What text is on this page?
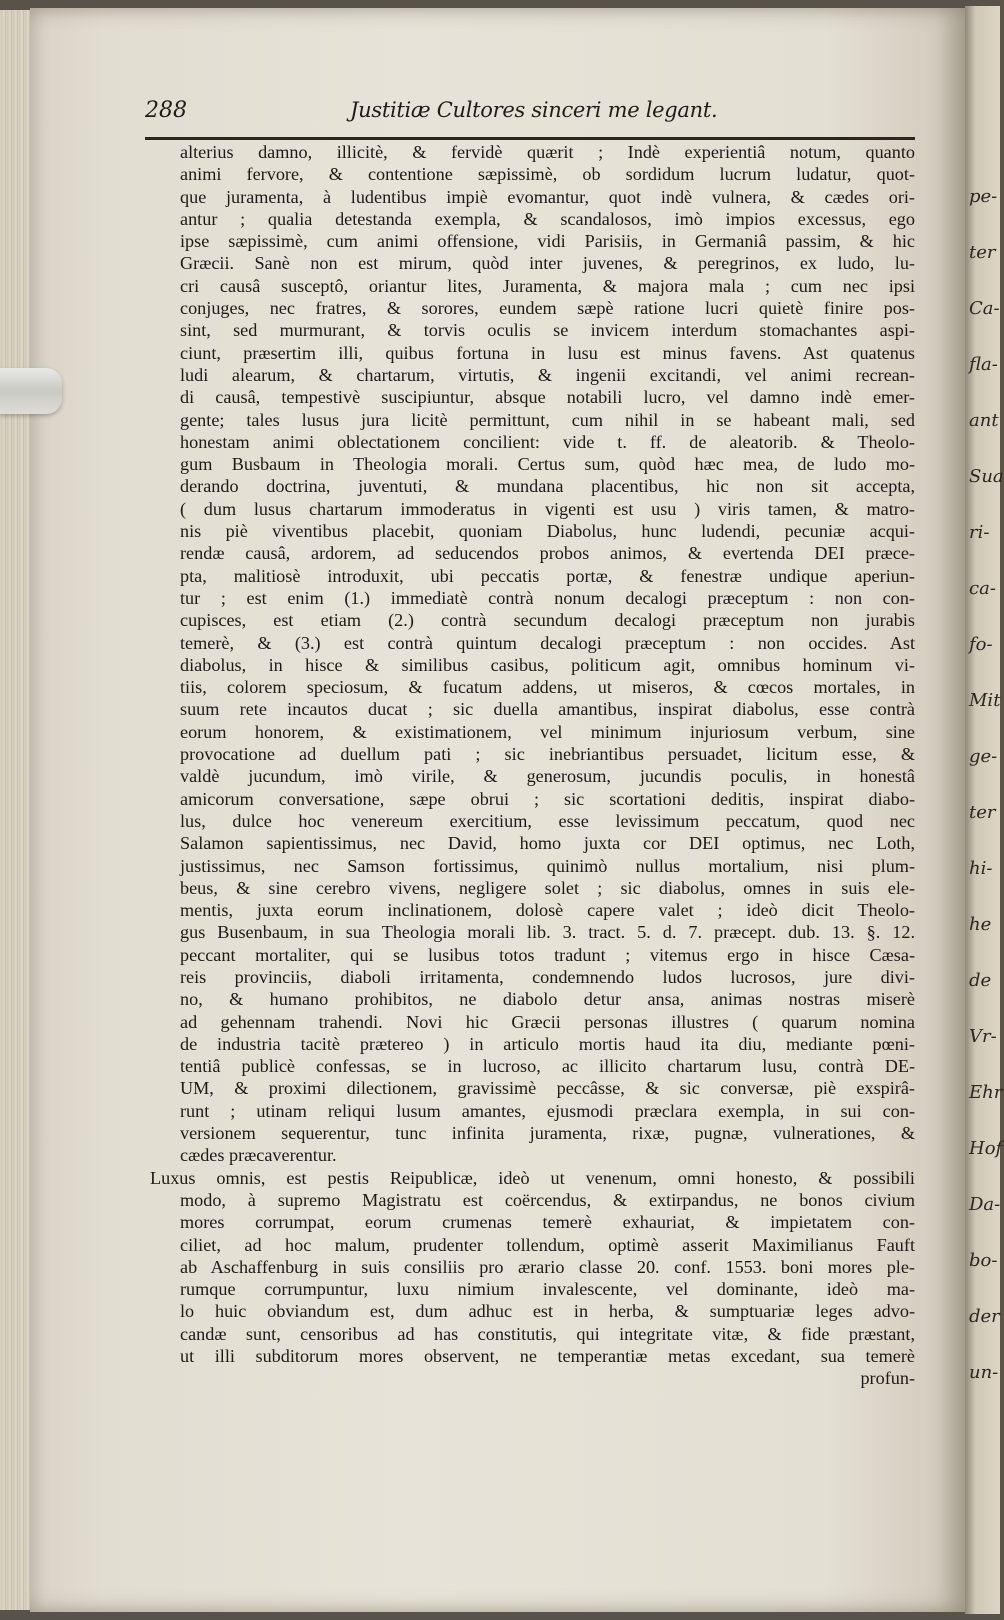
pe-
ter
Ca-
fla-
ant
Sua
ri-
ca-
fo-
Mit
ge-
ter
hi-
he
de
Vr-
Ehr
Hof
Da-
bo-
der
un-
288	Justitiæ Cultores sinceri me legant.
alterius damno, illicitè, & fervidè quærit ; Indè experientiâ notum, quanto
animi fervore, & contentione sæpissimè, ob sordidum lucrum ludatur, quot-
que juramenta, à ludentibus impiè evomantur, quot indè vulnera, & cædes ori-
antur ; qualia detestanda exempla, & scandalosos, imò impios excessus, ego
ipse sæpissimè, cum animi offensione, vidi Parisiis, in Germaniâ passim, & hic
Græcii. Sanè non est mirum, quòd inter juvenes, & peregrinos, ex ludo, lu-
cri causâ susceptô, oriantur lites, Juramenta, & majora mala ; cum nec ipsi
conjuges, nec fratres, & sorores, eundem sæpè ratione lucri quietè finire pos-
sint, sed murmurant, & torvis oculis se invicem interdum stomachantes aspi-
ciunt, præsertim illi, quibus fortuna in lusu est minus favens. Ast quatenus
ludi alearum, & chartarum, virtutis, & ingenii excitandi, vel animi recrean-
di causâ, tempestivè suscipiuntur, absque notabili lucro, vel damno indè emer-
gente; tales lusus jura licitè permittunt, cum nihil in se habeant mali, sed
honestam animi oblectationem concilient: vide t. ff. de aleatorib. & Theolo-
gum Busbaum in Theologia morali. Certus sum, quòd hæc mea, de ludo mo-
derando doctrina, juventuti, & mundana placentibus, hic non sit accepta,
( dum lusus chartarum immoderatus in vigenti est usu ) viris tamen, & matro-
nis piè viventibus placebit, quoniam Diabolus, hunc ludendi, pecuniæ acqui-
rendæ causâ, ardorem, ad seducendos probos animos, & evertenda DEI præce-
pta, malitiosè introduxit, ubi peccatis portæ, & fenestræ undique aperiun-
tur ; est enim (1.) immediatè contrà nonum decalogi præceptum : non con-
cupisces, est etiam (2.) contrà secundum decalogi præceptum non jurabis
temerè, & (3.) est contrà quintum decalogi præceptum : non occides. Ast
diabolus, in hisce & similibus casibus, politicum agit, omnibus hominum vi-
tiis, colorem speciosum, & fucatum addens, ut miseros, & cœcos mortales, in
suum rete incautos ducat ; sic duella amantibus, inspirat diabolus, esse contrà
eorum honorem, & existimationem, vel minimum injuriosum verbum, sine
provocatione ad duellum pati ; sic inebriantibus persuadet, licitum esse, &
valdè jucundum, imò virile, & generosum, jucundis poculis, in honestâ
amicorum conversatione, sæpe obrui ; sic scortationi deditis, inspirat diabo-
lus, dulce hoc venereum exercitium, esse levissimum peccatum, quod nec
Salamon sapientissimus, nec David, homo juxta cor DEI optimus, nec Loth,
justissimus, nec Samson fortissimus, quinimò nullus mortalium, nisi plum-
beus, & sine cerebro vivens, negligere solet ; sic diabolus, omnes in suis ele-
mentis, juxta eorum inclinationem, dolosè capere valet ; ideò dicit Theolo-
gus Busenbaum, in sua Theologia morali lib. 3. tract. 5. d. 7. præcept. dub. 13. §. 12.
peccant mortaliter, qui se lusibus totos tradunt ; vitemus ergo in hisce Cæsa-
reis provinciis, diaboli irritamenta, condemnendo ludos lucrosos, jure divi-
no, & humano prohibitos, ne diabolo detur ansa, animas nostras miserè
ad gehennam trahendi. Novi hic Græcii personas illustres ( quarum nomina
de industria tacitè prætereo ) in articulo mortis haud ita diu, mediante pœni-
tentiâ publicè confessas, se in lucroso, ac illicito chartarum lusu, contrà DE-
UM, & proximi dilectionem, gravissimè peccâsse, & sic conversæ, piè exspirâ-
runt ; utinam reliqui lusum amantes, ejusmodi præclara exempla, in sui con-
versionem sequerentur, tunc infinita juramenta, rixæ, pugnæ, vulnerationes, &
cædes præcaverentur.
Luxus omnis, est pestis Reipublicæ, ideò ut venenum, omni honesto, & possibili
modo, à supremo Magistratu est coërcendus, & extirpandus, ne bonos civium
mores corrumpat, eorum crumenas temerè exhauriat, & impietatem con-
ciliet, ad hoc malum, prudenter tollendum, optimè asserit Maximilianus Fauft
ab Aschaffenburg in suis consiliis pro ærario classe 20. conf. 1553. boni mores ple-
rumque corrumpuntur, luxu nimium invalescente, vel dominante, ideò ma-
lo huic obviandum est, dum adhuc est in herba, & sumptuariæ leges advo-
candæ sunt, censoribus ad has constitutis, qui integritate vitæ, & fide præstant,
ut illi subditorum mores observent, ne temperantiæ metas excedant, sua temerè
profun-
